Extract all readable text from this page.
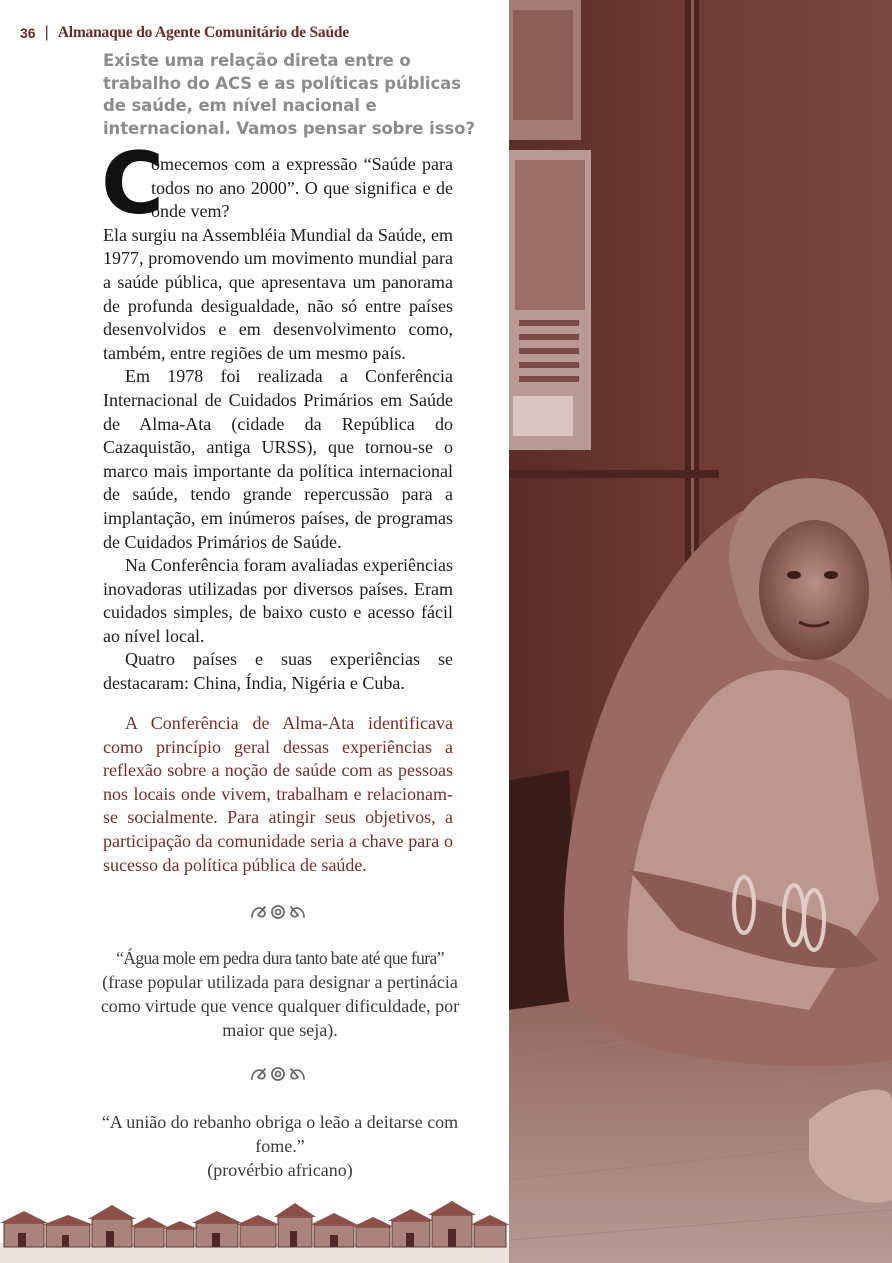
36 | Almanaque do Agente Comunitário de Saúde

Existe uma relação direta entre o trabalho do ACS e as políticas públicas de saúde, em nível nacional e internacional. Vamos pensar sobre isso?

C
omecemos com a expressão “Saúde para todos no ano 2000”. O que significa e de onde vem?

Ela surgiu na Assembléia Mundial da Saúde, em 1977, promovendo um movimento mundial para a saúde pública, que apresentava um panorama de profunda desigualdade, não só entre países desenvolvidos e em desenvolvimento como, também, entre regiões de um mesmo país.

Em 1978 foi realizada a Conferência Internacional de Cuidados Primários em Saúde de Alma-Ata (cidade da República do Cazaquistão, antiga URSS), que tornou-se o marco mais importante da política internacional de saúde, tendo grande repercussão para a implantação, em inúmeros países, de programas de Cuidados Primários de Saúde.

Na Conferência foram avaliadas experiências inovadoras utilizadas por diversos países. Eram cuidados simples, de baixo custo e acesso fácil ao nível local.

Quatro países e suas experiências se destacaram: China, Índia, Nigéria e Cuba.

A Conferência de Alma-Ata identificava como princípio geral dessas experiências a reflexão sobre a noção de saúde com as pessoas nos locais onde vivem, trabalham e relacionam-se socialmente. Para atingir seus objetivos, a participação da comunidade seria a chave para o sucesso da política pública de saúde.

“Água mole em pedra dura tanto bate até que fura”
(frase popular utilizada para designar a pertinácia como virtude que vence qualquer dificuldade, por maior que seja).

“A união do rebanho obriga o leão a deitarse com fome.”
(provérbio africano)
